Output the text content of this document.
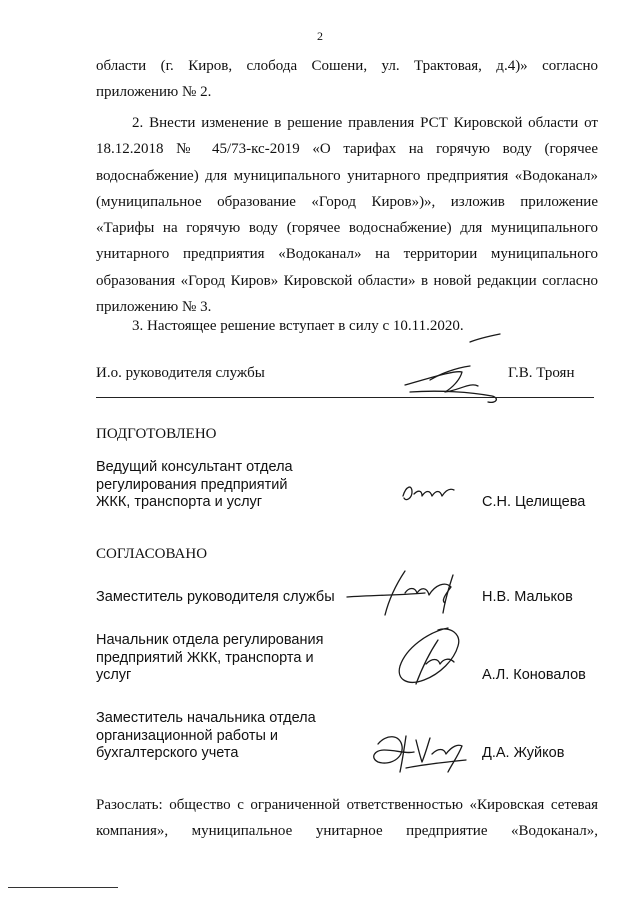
2
области (г. Киров, слобода Сошени, ул. Трактовая, д.4)» согласно
приложению № 2.
2. Внести изменение в решение правления РСТ Кировской области от
18.12.2018 № 45/73-кс-2019 «О тарифах на горячую воду (горячее
водоснабжение) для муниципального унитарного предприятия «Водоканал»
(муниципальное образование «Город Киров»)», изложив приложение
«Тарифы на горячую воду (горячее водоснабжение) для муниципального
унитарного предприятия «Водоканал» на территории муниципального
образования «Город Киров» Кировской области» в новой редакции согласно
приложению № 3.
3. Настоящее решение вступает в силу с 10.11.2020.
И.о. руководителя службы	Г.В. Троян
ПОДГОТОВЛЕНО
Ведущий консультант отдела
регулирования предприятий
ЖКК, транспорта и услуг	С.Н. Целищева
СОГЛАСОВАНО
Заместитель руководителя службы	Н.В. Мальков
Начальник отдела регулирования
предприятий ЖКК, транспорта и
услуг	А.Л. Коновалов
Заместитель начальника отдела
организационной работы и
бухгалтерского учета	Д.А. Жуйков
Разослать: общество с ограниченной ответственностью «Кировская сетевая
компания», муниципальное унитарное предприятие «Водоканал»,
